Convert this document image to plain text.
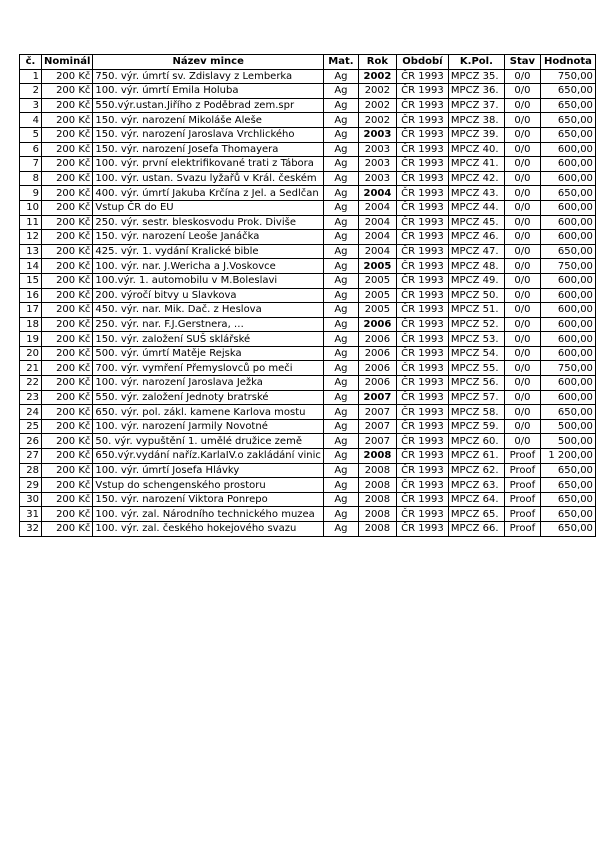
č.	Nominál	Název mince	Mat.	Rok	Období	K.Pol.	Stav	Hodnota
1	200 Kč	750. výr. úmrtí sv. Zdislavy z Lemberka	Ag	2002	ČR 1993	MPCZ 35.	0/0	750,00
2	200 Kč	100. výr. úmrtí Emila Holuba	Ag	2002	ČR 1993	MPCZ 36.	0/0	650,00
3	200 Kč	550.výr.ustan.Jiřího z Poděbrad zem.spr	Ag	2002	ČR 1993	MPCZ 37.	0/0	650,00
4	200 Kč	150. výr. narození Mikoláše Aleše	Ag	2002	ČR 1993	MPCZ 38.	0/0	650,00
5	200 Kč	150. výr. narození Jaroslava Vrchlického	Ag	2003	ČR 1993	MPCZ 39.	0/0	650,00
6	200 Kč	150. výr. narození Josefa Thomayera	Ag	2003	ČR 1993	MPCZ 40.	0/0	600,00
7	200 Kč	100. výr. první elektrifikované trati z Tábora	Ag	2003	ČR 1993	MPCZ 41.	0/0	600,00
8	200 Kč	100. výr. ustan. Svazu lyžařů v Král. českém	Ag	2003	ČR 1993	MPCZ 42.	0/0	600,00
9	200 Kč	400. výr. úmrtí Jakuba Krčína z Jel. a Sedlčan	Ag	2004	ČR 1993	MPCZ 43.	0/0	650,00
10	200 Kč	Vstup ČR do EU	Ag	2004	ČR 1993	MPCZ 44.	0/0	600,00
11	200 Kč	250. výr. sestr. bleskosvodu Prok. Diviše	Ag	2004	ČR 1993	MPCZ 45.	0/0	600,00
12	200 Kč	150. výr. narození Leoše Janáčka	Ag	2004	ČR 1993	MPCZ 46.	0/0	600,00
13	200 Kč	425. výr. 1. vydání Kralické bible	Ag	2004	ČR 1993	MPCZ 47.	0/0	650,00
14	200 Kč	100. výr. nar. J.Wericha a J.Voskovce	Ag	2005	ČR 1993	MPCZ 48.	0/0	750,00
15	200 Kč	100.výr. 1. automobilu v M.Boleslavi	Ag	2005	ČR 1993	MPCZ 49.	0/0	600,00
16	200 Kč	200. výročí bitvy u Slavkova	Ag	2005	ČR 1993	MPCZ 50.	0/0	600,00
17	200 Kč	450. výr. nar. Mik. Dač. z Heslova	Ag	2005	ČR 1993	MPCZ 51.	0/0	600,00
18	200 Kč	250. výr. nar. F.J.Gerstnera, …	Ag	2006	ČR 1993	MPCZ 52.	0/0	600,00
19	200 Kč	150. výr. založení SUŠ sklářské	Ag	2006	ČR 1993	MPCZ 53.	0/0	600,00
20	200 Kč	500. výr. úmrtí Matěje Rejska	Ag	2006	ČR 1993	MPCZ 54.	0/0	600,00
21	200 Kč	700. výr. vymření Přemyslovců po meči	Ag	2006	ČR 1993	MPCZ 55.	0/0	750,00
22	200 Kč	100. výr. narození Jaroslava Ježka	Ag	2006	ČR 1993	MPCZ 56.	0/0	600,00
23	200 Kč	550. výr. založení Jednoty bratrské	Ag	2007	ČR 1993	MPCZ 57.	0/0	600,00
24	200 Kč	650. výr. pol. zákl. kamene Karlova mostu	Ag	2007	ČR 1993	MPCZ 58.	0/0	650,00
25	200 Kč	100. výr. narození Jarmily Novotné	Ag	2007	ČR 1993	MPCZ 59.	0/0	500,00
26	200 Kč	50. výr. vypuštění 1. umělé družice země	Ag	2007	ČR 1993	MPCZ 60.	0/0	500,00
27	200 Kč	650.výr.vydání naříz.KarlaIV.o zakládání vinic	Ag	2008	ČR 1993	MPCZ 61.	Proof	1 200,00
28	200 Kč	100. výr. úmrtí Josefa Hlávky	Ag	2008	ČR 1993	MPCZ 62.	Proof	650,00
29	200 Kč	Vstup do schengenského prostoru	Ag	2008	ČR 1993	MPCZ 63.	Proof	650,00
30	200 Kč	150. výr. narození Viktora Ponrepo	Ag	2008	ČR 1993	MPCZ 64.	Proof	650,00
31	200 Kč	100. výr. zal. Národního technického muzea	Ag	2008	ČR 1993	MPCZ 65.	Proof	650,00
32	200 Kč	100. výr. zal. českého hokejového svazu	Ag	2008	ČR 1993	MPCZ 66.	Proof	650,00
